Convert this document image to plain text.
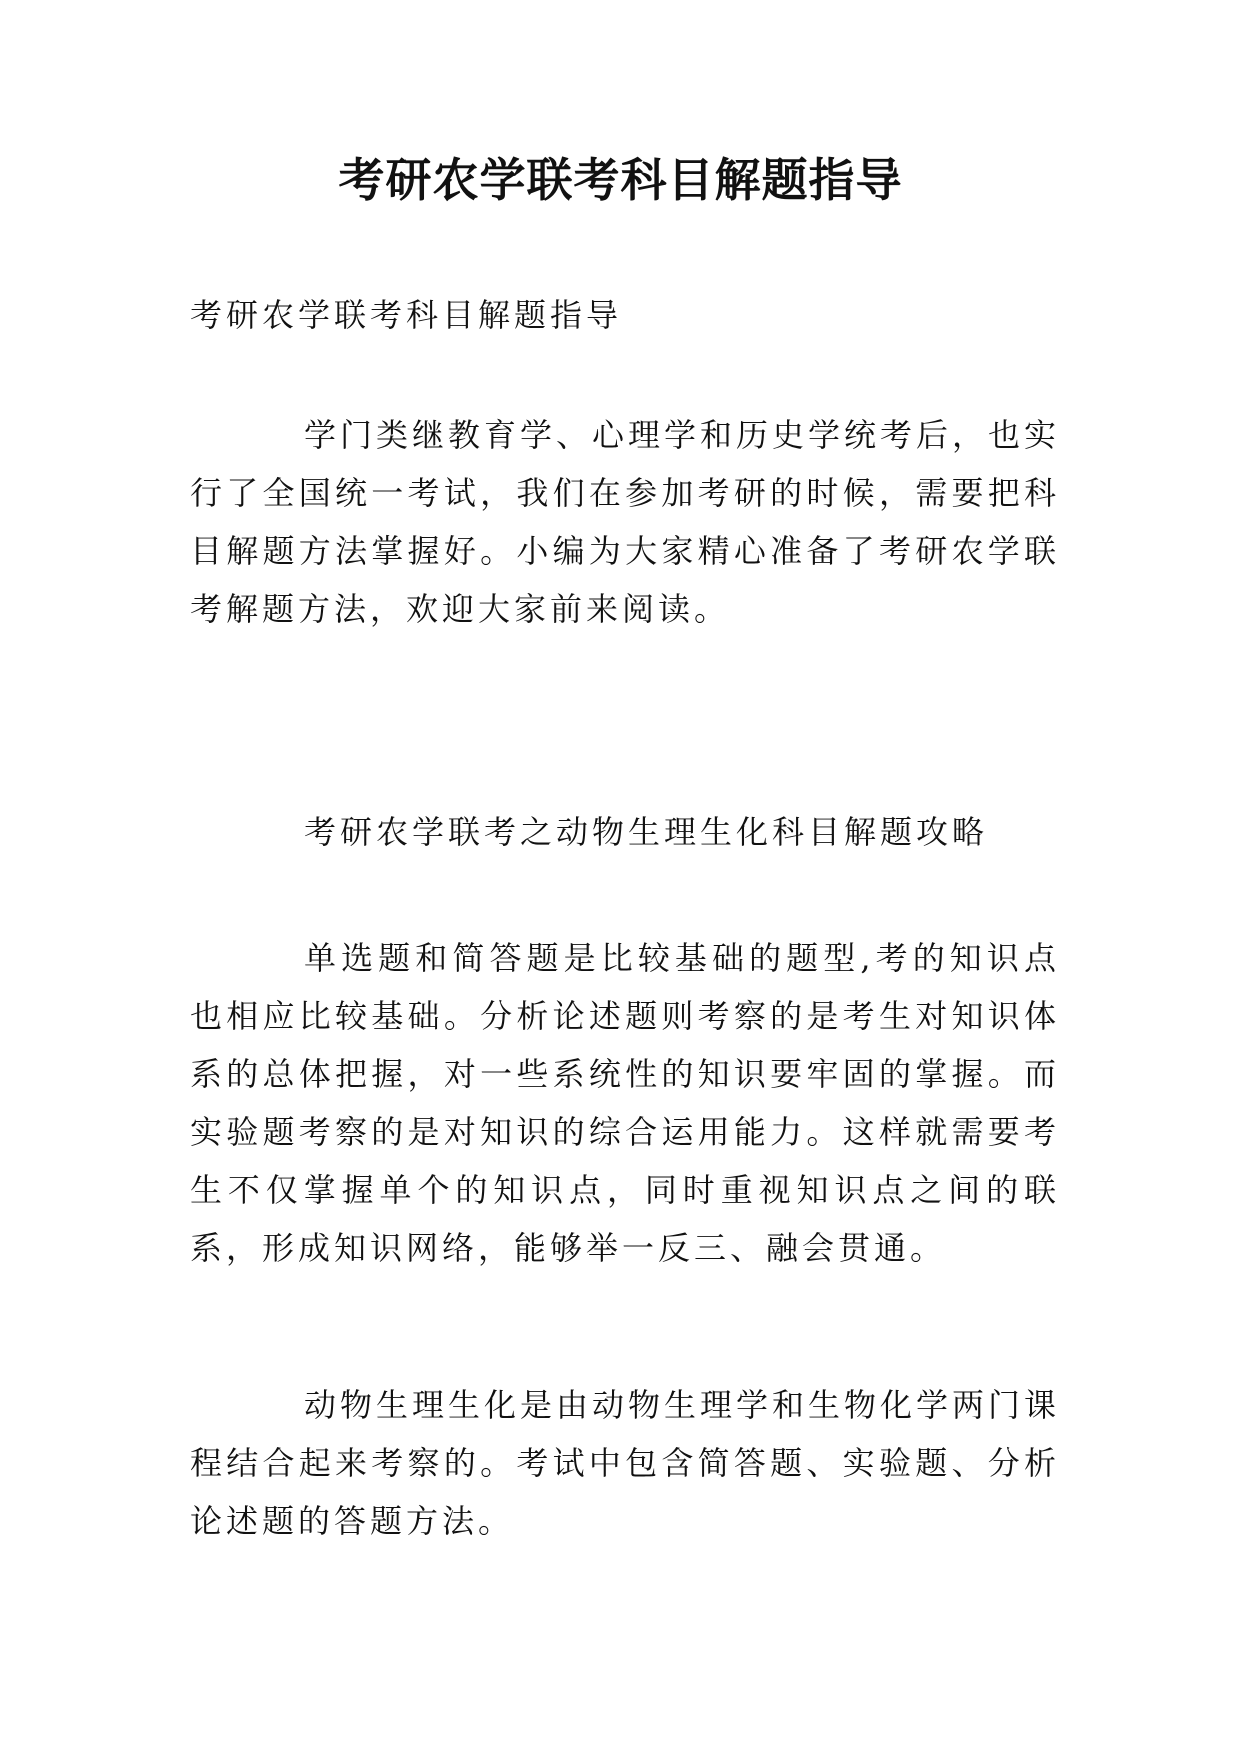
考研农学联考科目解题指导

考研农学联考科目解题指导

学门类继教育学、心理学和历史学统考后，也实行了全国统一考试，我们在参加考研的时候，需要把科目解题方法掌握好。小编为大家精心准备了考研农学联考解题方法，欢迎大家前来阅读。

考研农学联考之动物生理生化科目解题攻略

单选题和简答题是比较基础的题型,考的知识点也相应比较基础。分析论述题则考察的是考生对知识体系的总体把握，对一些系统性的知识要牢固的掌握。而实验题考察的是对知识的综合运用能力。这样就需要考生不仅掌握单个的知识点，同时重视知识点之间的联系，形成知识网络，能够举一反三、融会贯通。

动物生理生化是由动物生理学和生物化学两门课程结合起来考察的。考试中包含简答题、实验题、分析论述题的答题方法。
